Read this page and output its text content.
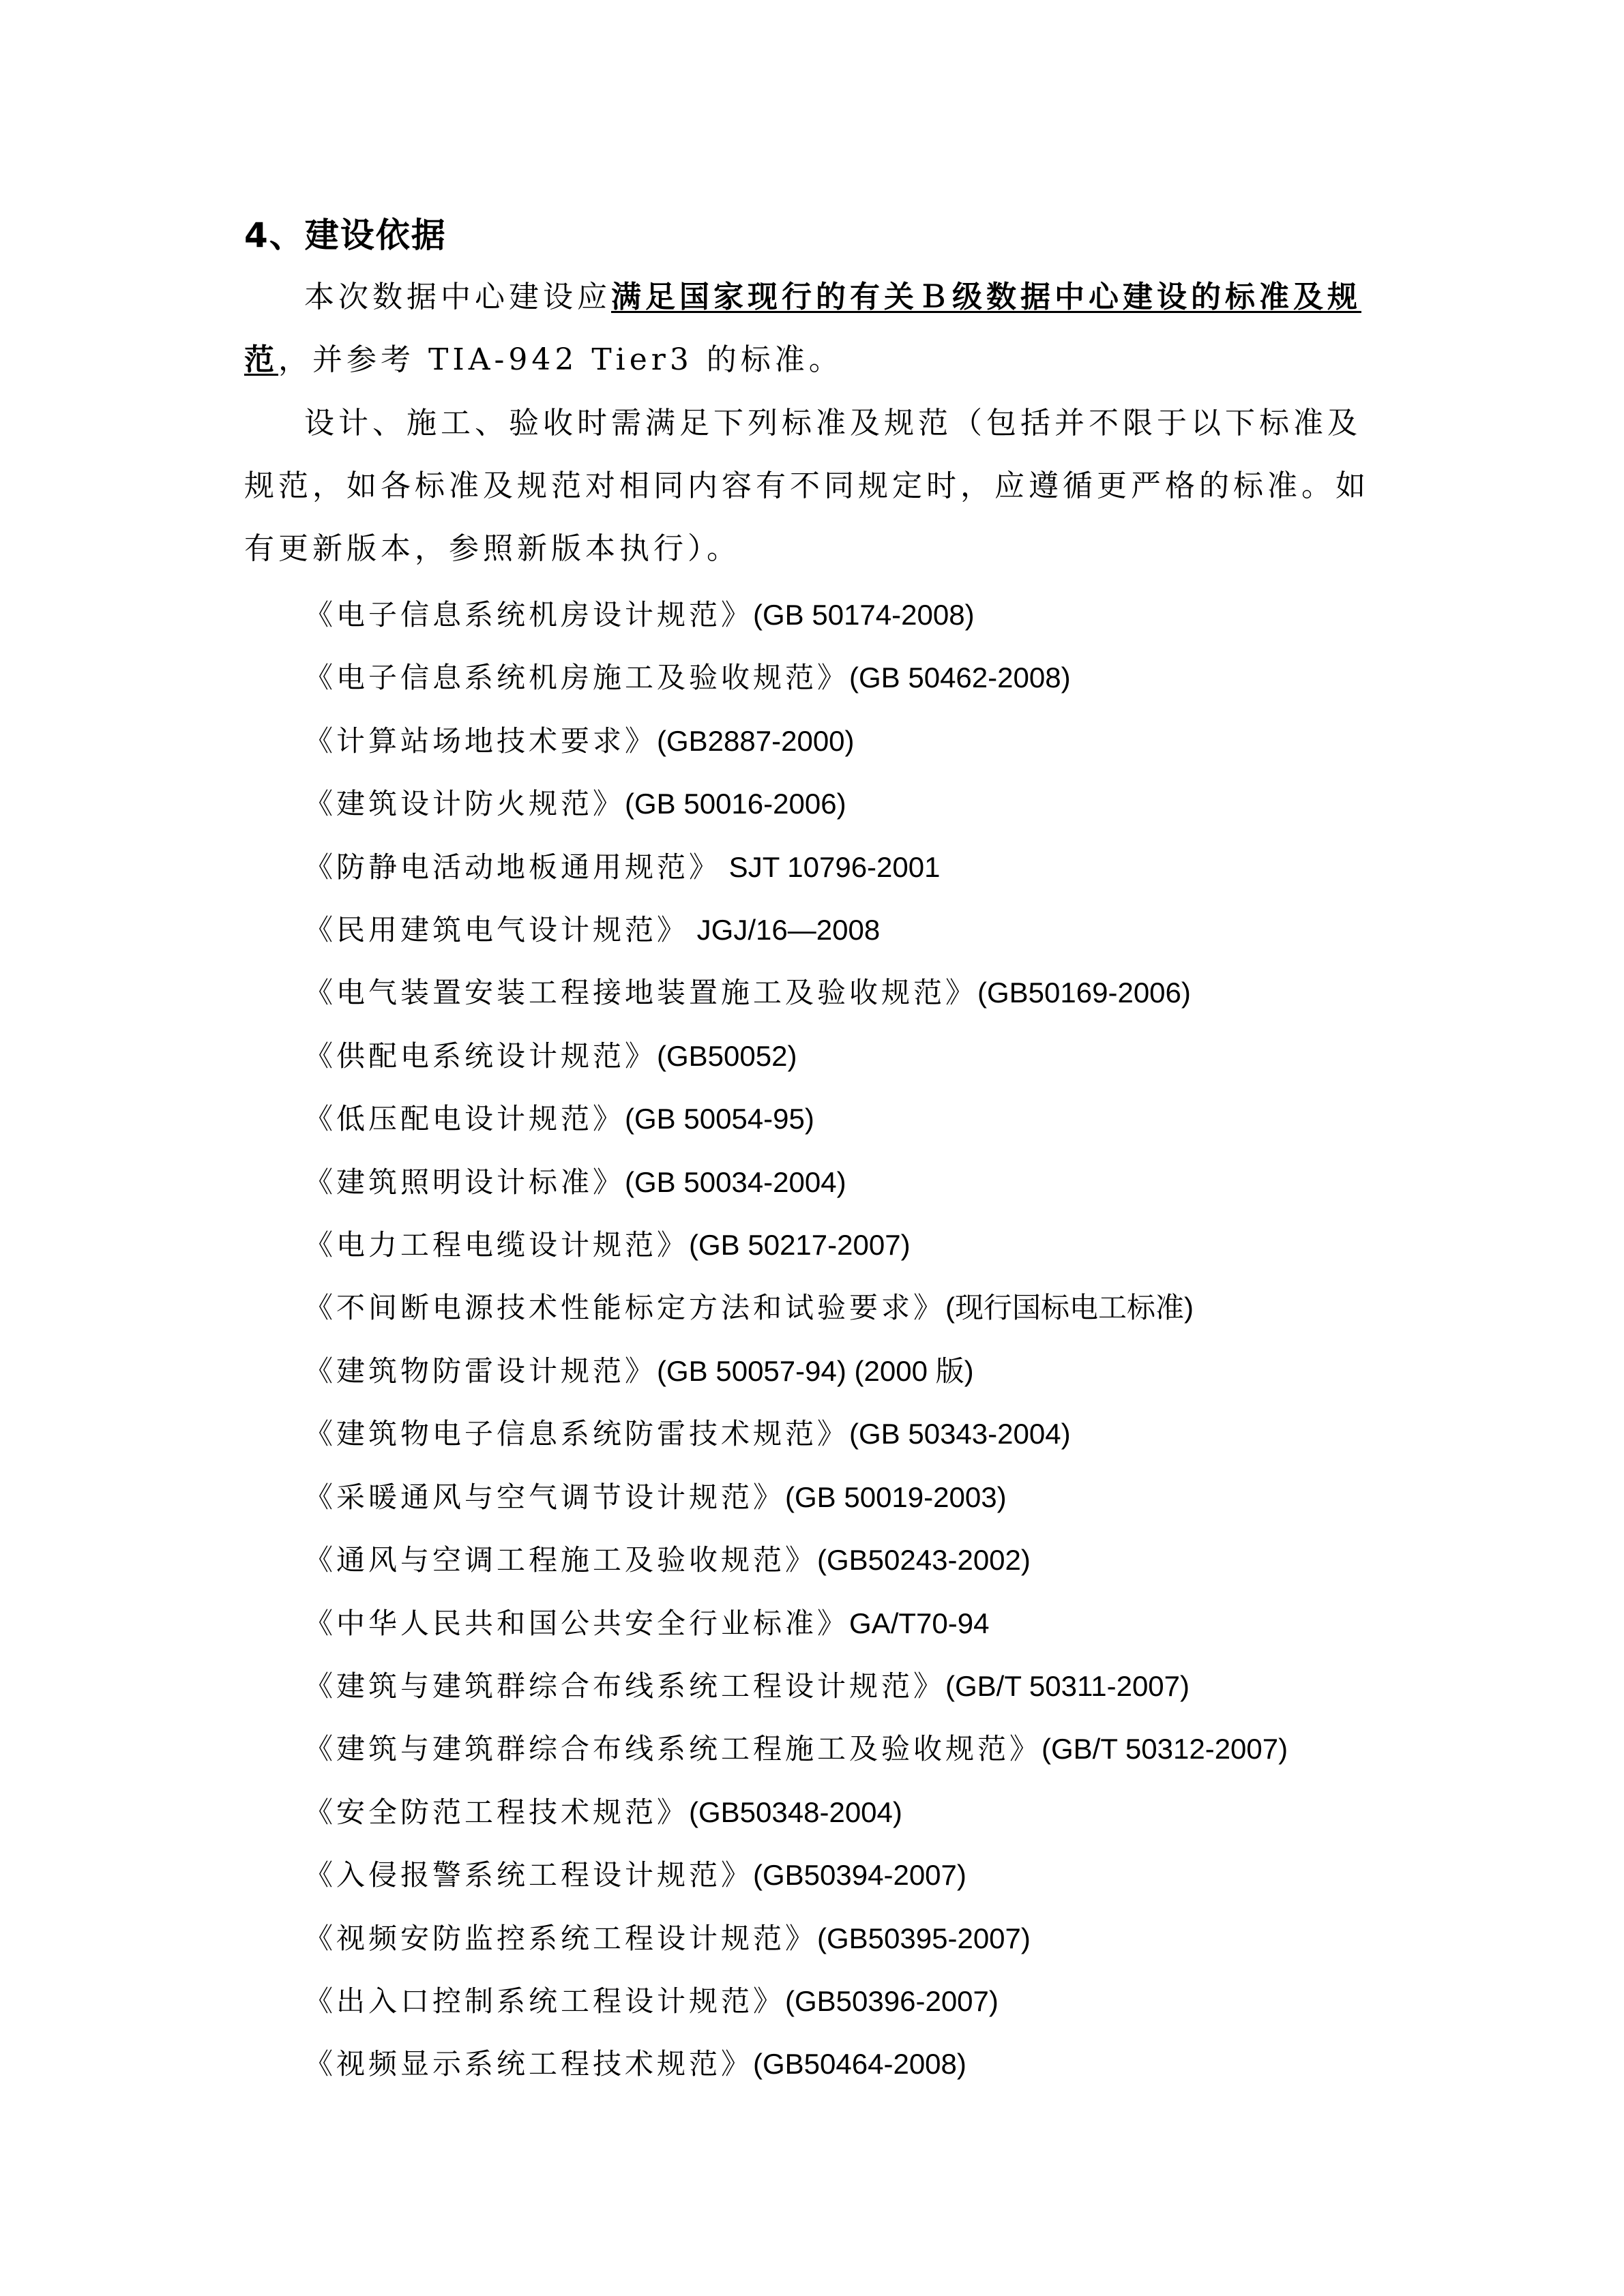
4、建设依据
本次数据中心建设应满足国家现行的有关Ｂ级数据中心建设的标准及规范，并参考 TIA-942 Tier3 的标准。
设计、施工、验收时需满足下列标准及规范（包括并不限于以下标准及规范，如各标准及规范对相同内容有不同规定时，应遵循更严格的标准。如有更新版本，参照新版本执行）。
《电子信息系统机房设计规范》(GB 50174-2008)
《电子信息系统机房施工及验收规范》(GB 50462-2008)
《计算站场地技术要求》(GB2887-2000)
《建筑设计防火规范》(GB 50016-2006)
《防静电活动地板通用规范》 SJT 10796-2001
《民用建筑电气设计规范》 JGJ/16—2008
《电气装置安装工程接地装置施工及验收规范》(GB50169-2006)
《供配电系统设计规范》(GB50052)
《低压配电设计规范》(GB 50054-95)
《建筑照明设计标准》(GB 50034-2004)
《电力工程电缆设计规范》(GB 50217-2007)
《不间断电源技术性能标定方法和试验要求》(现行国标电工标准)
《建筑物防雷设计规范》(GB 50057-94) (2000 版)
《建筑物电子信息系统防雷技术规范》(GB 50343-2004)
《采暖通风与空气调节设计规范》(GB 50019-2003)
《通风与空调工程施工及验收规范》(GB50243-2002)
《中华人民共和国公共安全行业标准》GA/T70-94
《建筑与建筑群综合布线系统工程设计规范》(GB/T 50311-2007)
《建筑与建筑群综合布线系统工程施工及验收规范》(GB/T 50312-2007)
《安全防范工程技术规范》(GB50348-2004)
《入侵报警系统工程设计规范》(GB50394-2007)
《视频安防监控系统工程设计规范》(GB50395-2007)
《出入口控制系统工程设计规范》(GB50396-2007)
《视频显示系统工程技术规范》(GB50464-2008)
